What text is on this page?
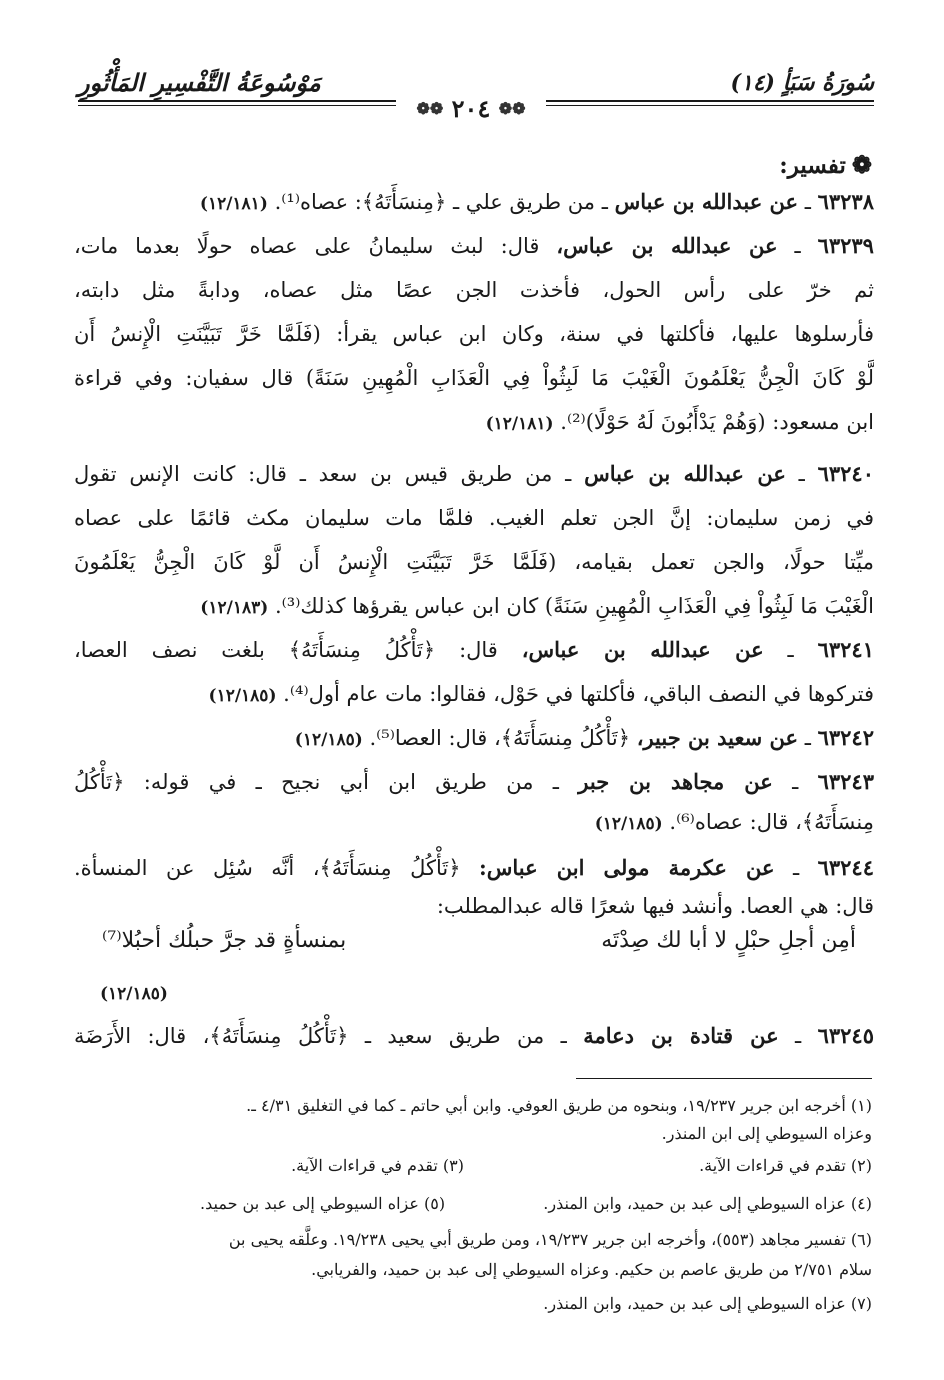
سُورَةُ سَبَأٍ (١٤)
مَوْسُوعَةُ التَّفْسِيرِ المَأْثُورِ
❁❁ ٢٠٤ ❁❁
❁تفسير:
٦٣٢٣٨ ـ عن عبدالله بن عباس ـ من طريق علي ـ ﴿مِنسَأَتَهُ﴾: عصاه⁽¹⁾. (١٢/١٨١)
٦٣٢٣٩ ـ عن عبدالله بن عباس، قال: لبث سليمانُ على عصاه حولًا بعدما مات،
ثم خرّ على رأس الحول، فأخذت الجن عصًا مثل عصاه، ودابةً مثل دابته،
فأرسلوها عليها، فأكلتها في سنة، وكان ابن عباس يقرأ: (فَلَمَّا خَرَّ تَبَيَّنَتِ الْإِنسُ أَن
لَّوْ كَانَ الْجِنُّ يَعْلَمُونَ الْغَيْبَ مَا لَبِثُواْ فِي الْعَذَابِ الْمُهِينِ سَنَةً) قال سفيان: وفي قراءة
ابن مسعود: (وَهُمْ يَدْأَبُونَ لَهُ حَوْلًا)⁽²⁾. (١٢/١٨١)
٦٣٢٤٠ ـ عن عبدالله بن عباس ـ من طريق قيس بن سعد ـ قال: كانت الإنس تقول
في زمن سليمان: إنَّ الجن تعلم الغيب. فلمَّا مات سليمان مكث قائمًا على عصاه
ميِّتا حولًا، والجن تعمل بقيامه، (فَلَمَّا خَرَّ تَبَيَّنَتِ الْإِنسُ أَن لَّوْ كَانَ الْجِنُّ يَعْلَمُونَ
الْغَيْبَ مَا لَبِثُواْ فِي الْعَذَابِ الْمُهِينِ سَنَةً) كان ابن عباس يقرؤها كذلك⁽³⁾. (١٢/١٨٣)
٦٣٢٤١ ـ عن عبدالله بن عباس، قال: ﴿تَأْكُلُ مِنسَأَتَهُ﴾ بلغت نصف العصا،
فتركوها في النصف الباقي، فأكلتها في حَوْل، فقالوا: مات عام أول⁽⁴⁾. (١٢/١٨٥)
٦٣٢٤٢ ـ عن سعيد بن جبير، ﴿تَأْكُلُ مِنسَأَتَهُ﴾، قال: العصا⁽⁵⁾. (١٢/١٨٥)
٦٣٢٤٣ ـ عن مجاهد بن جبر ـ من طريق ابن أبي نجيح ـ في قوله: ﴿تَأْكُلُ
مِنسَأَتَهُ﴾، قال: عصاه⁽⁶⁾. (١٢/١٨٥)
٦٣٢٤٤ ـ عن عكرمة مولى ابن عباس: ﴿تَأْكُلُ مِنسَأَتَهُ﴾، أنَّه سُئِل عن المنسأة.
قال: هي العصا. وأنشد فيها شعرًا قاله عبدالمطلب:
أمِن أجلِ حبْلٍ لا أبا لك صِدْتَه
بمنسأةٍ قد جرَّ حبلُك أحبُلا⁽⁷⁾
(١٢/١٨٥)
٦٣٢٤٥ ـ عن قتادة بن دعامة ـ من طريق سعيد ـ ﴿تَأْكُلُ مِنسَأَتَهُ﴾، قال: الأَرَضَة
(١) أخرجه ابن جرير ١٩/٢٣٧، وبنحوه من طريق العوفي. وابن أبي حاتم ـ كما في التغليق ٤/٣١ ـ.
وعزاه السيوطي إلى ابن المنذر.
(٢) تقدم في قراءات الآية.
(٣) تقدم في قراءات الآية.
(٤) عزاه السيوطي إلى عبد بن حميد، وابن المنذر.
(٥) عزاه السيوطي إلى عبد بن حميد.
(٦) تفسير مجاهد (٥٥٣)، وأخرجه ابن جرير ١٩/٢٣٧، ومن طريق أبي يحيى ١٩/٢٣٨. وعلَّقه يحيى بن
سلام ٢/٧٥١ من طريق عاصم بن حكيم. وعزاه السيوطي إلى عبد بن حميد، والفريابي.
(٧) عزاه السيوطي إلى عبد بن حميد، وابن المنذر.
